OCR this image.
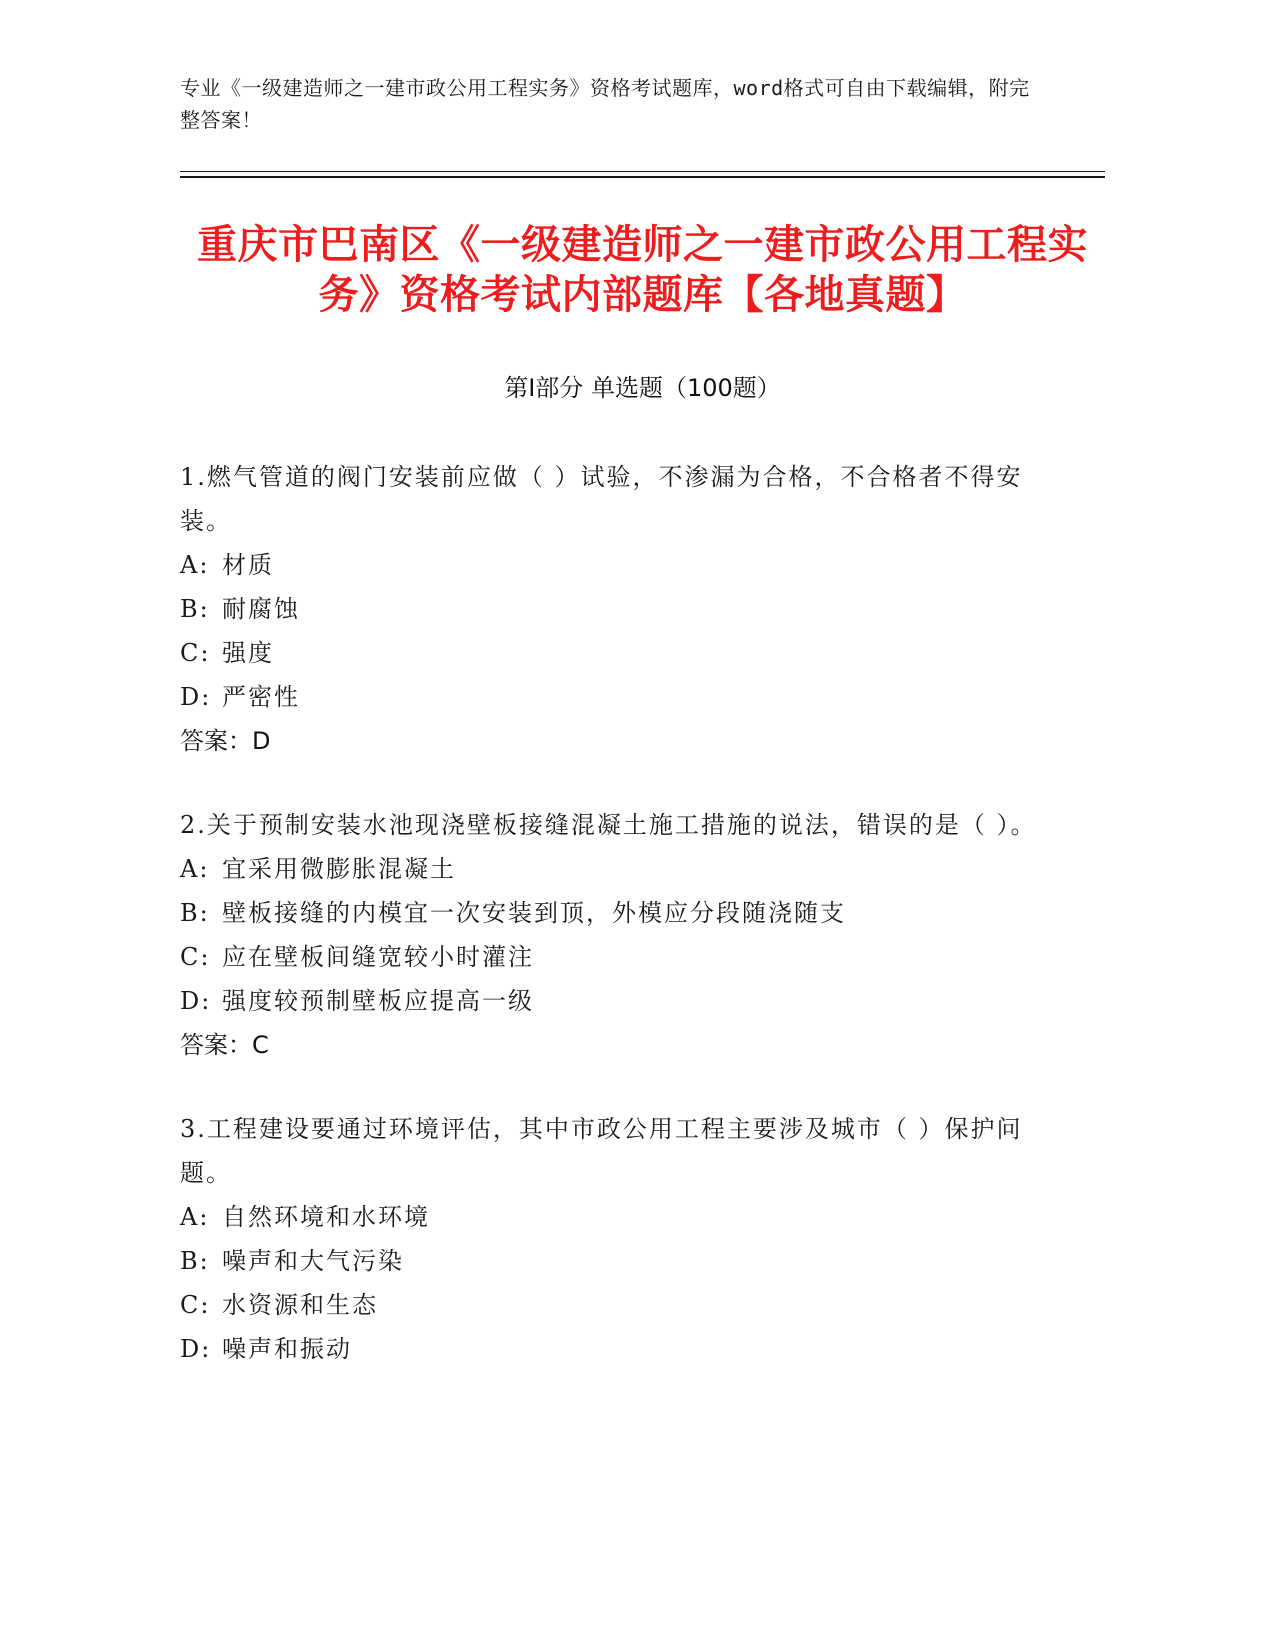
专业《一级建造师之一建市政公用工程实务》资格考试题库，word格式可自由下载编辑，附完整答案！
重庆市巴南区《一级建造师之一建市政公用工程实务》资格考试内部题库【各地真题】
第Ⅰ部分 单选题（100题）
1.燃气管道的阀门安装前应做（ ）试验，不渗漏为合格，不合格者不得安装。
A: 材质
B: 耐腐蚀
C: 强度
D: 严密性
答案：D
2.关于预制安装水池现浇壁板接缝混凝土施工措施的说法，错误的是（ ）。
A: 宜采用微膨胀混凝土
B: 壁板接缝的内模宜一次安装到顶，外模应分段随浇随支
C: 应在壁板间缝宽较小时灌注
D: 强度较预制壁板应提高一级
答案：C
3.工程建设要通过环境评估，其中市政公用工程主要涉及城市（ ）保护问题。
A: 自然环境和水环境
B: 噪声和大气污染
C: 水资源和生态
D: 噪声和振动
